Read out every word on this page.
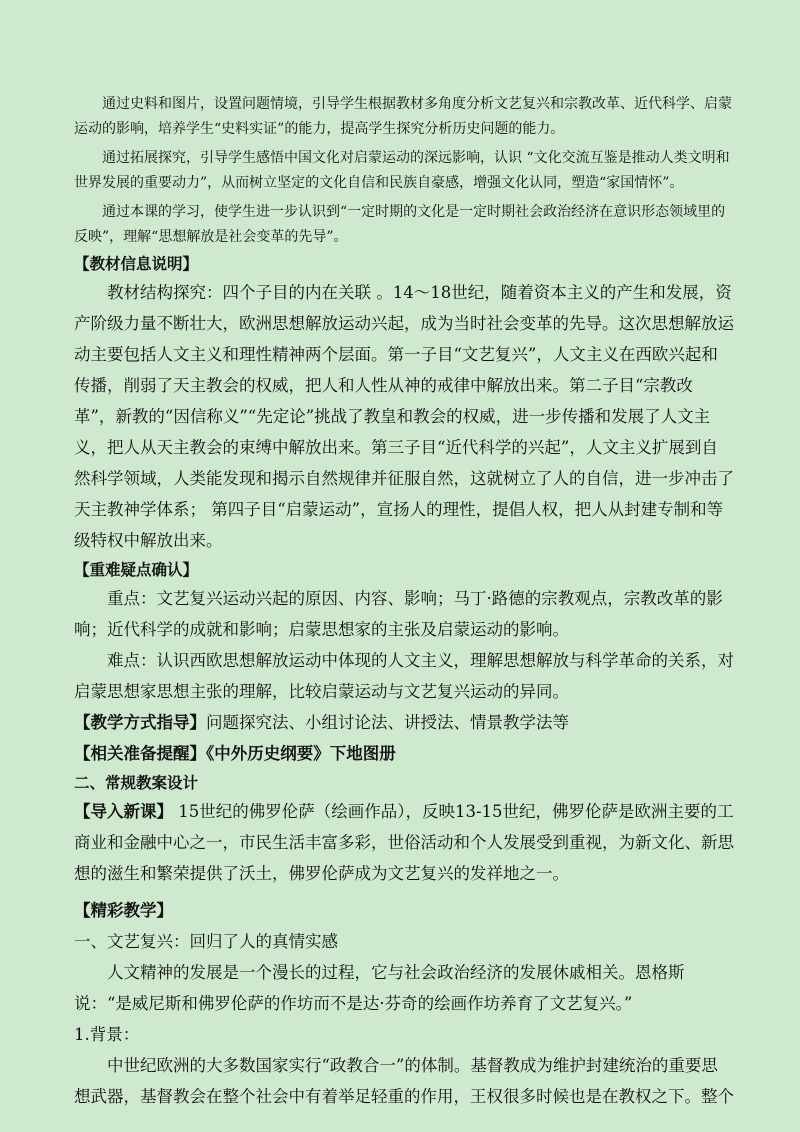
通过史料和图片，设置问题情境，引导学生根据教材多角度分析文艺复兴和宗教改革、近代科学、启蒙运动的影响，培养学生“史料实证”的能力，提高学生探究分析历史问题的能力。

通过拓展探究，引导学生感悟中国文化对启蒙运动的深远影响，认识 “文化交流互鉴是推动人类文明和世界发展的重要动力”，从而树立坚定的文化自信和民族自豪感，增强文化认同，塑造“家国情怀”。

通过本课的学习，使学生进一步认识到“一定时期的文化是一定时期社会政治经济在意识形态领域里的反映”，理解“思想解放是社会变革的先导”。

【教材信息说明】

教材结构探究：四个子目的内在关联 。14～18世纪，随着资本主义的产生和发展，资产阶级力量不断壮大，欧洲思想解放运动兴起，成为当时社会变革的先导。这次思想解放运动主要包括人文主义和理性精神两个层面。第一子目“文艺复兴”，人文主义在西欧兴起和传播，削弱了天主教会的权威，把人和人性从神的戒律中解放出来。第二子目“宗教改革”，新教的“因信称义”“先定论”挑战了教皇和教会的权威，进一步传播和发展了人文主义，把人从天主教会的束缚中解放出来。第三子目“近代科学的兴起”，人文主义扩展到自然科学领域，人类能发现和揭示自然规律并征服自然，这就树立了人的自信，进一步冲击了天主教神学体系； 第四子目“启蒙运动”，宣扬人的理性，提倡人权，把人从封建专制和等级特权中解放出来。

【重难疑点确认】

重点：文艺复兴运动兴起的原因、内容、影响；马丁·路德的宗教观点，宗教改革的影响；近代科学的成就和影响；启蒙思想家的主张及启蒙运动的影响。

难点：认识西欧思想解放运动中体现的人文主义，理解思想解放与科学革命的关系，对启蒙思想家思想主张的理解，比较启蒙运动与文艺复兴运动的异同。

【教学方式指导】问题探究法、小组讨论法、讲授法、情景教学法等

【相关准备提醒】《中外历史纲要》下地图册

二、常规教案设计

【导入新课】 15世纪的佛罗伦萨（绘画作品），反映13-15世纪，佛罗伦萨是欧洲主要的工商业和金融中心之一，市民生活丰富多彩，世俗活动和个人发展受到重视，为新文化、新思想的滋生和繁荣提供了沃土，佛罗伦萨成为文艺复兴的发祥地之一。

【精彩教学】

一、文艺复兴：回归了人的真情实感

人文精神的发展是一个漫长的过程，它与社会政治经济的发展休戚相关。恩格斯说：“是威尼斯和佛罗伦萨的作坊而不是达·芬奇的绘画作坊养育了文艺复兴。”

1.背景：

中世纪欧洲的大多数国家实行“政教合一”的体制。基督教成为维护封建统治的重要思想武器，基督教会在整个社会中有着举足轻重的作用，王权很多时候也是在教权之下。整个
